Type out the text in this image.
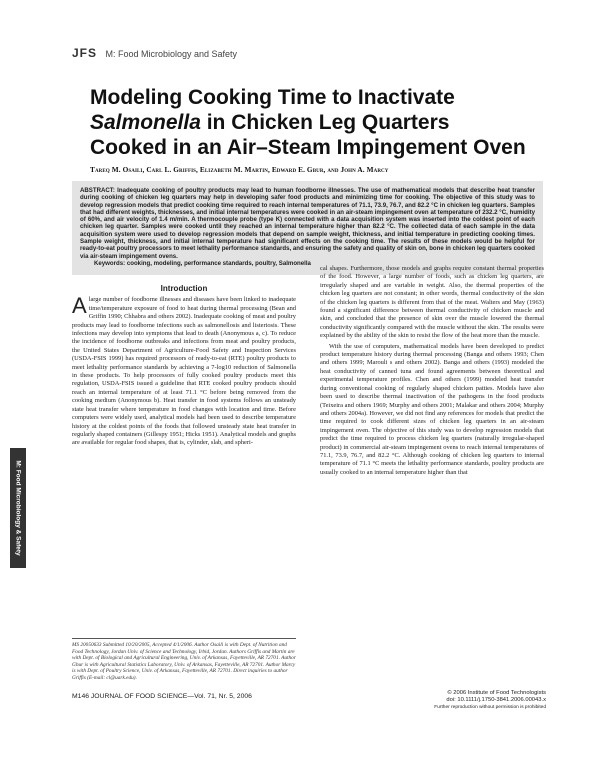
JFS M: Food Microbiology and Safety
Modeling Cooking Time to Inactivate
Salmonella in Chicken Leg Quarters
Cooked in an Air–Steam Impingement Oven
Tareq M. Osaili, Carl L. Griffis, Elizabeth M. Martin, Edward E. Gbur, and John A. Marcy
ABSTRACT: Inadequate cooking of poultry products may lead to human foodborne illnesses. The use of mathematical models that describe heat transfer during cooking of chicken leg quarters may help in developing safer food products and minimizing time for cooking. The objective of this study was to develop regression models that predict cooking time required to reach internal temperatures of 71.1, 73.9, 76.7, and 82.2 °C in chicken leg quarters. Samples that had different weights, thicknesses, and initial internal temperatures were cooked in an air-steam impingement oven at temperature of 232.2 °C, humidity of 60%, and air velocity of 1.4 m/min. A thermocouple probe (type K) connected with a data acquisition system was inserted into the coldest point of each chicken leg quarter. Samples were cooked until they reached an internal temperature higher than 82.2 °C. The collected data of each sample in the data acquisition system were used to develop regression models that depend on sample weight, thickness, and initial temperature in predicting cooking times. Sample weight, thickness, and initial internal temperature had significant effects on the cooking time. The results of these models would be helpful for ready-to-eat poultry processors to meet lethality performance standards, and ensuring the safety and quality of skin on, bone in chicken leg quarters cooked via air-steam impingement ovens.
Keywords: cooking, modeling, performance standards, poultry, Salmonella
Introduction

Alarge number of foodborne illnesses and diseases have been linked to inadequate time/temperature exposure of food to heat during thermal processing (Bean and Griffin 1990; Chhabra and others 2002). Inadequate cooking of meat and poultry products may lead to foodborne infections such as salmonellosis and listeriosis. These infections may develop into symptoms that lead to death (Anonymous a, c). To reduce the incidence of foodborne outbreaks and infections from meat and poultry products, the United States Department of Agriculture-Food Safety and Inspection Services (USDA-FSIS 1999) has required processors of ready-to-eat (RTE) poultry products to meet lethality performance standards by achieving a 7-log10 reduction of Salmonella in these products. To help processors of fully cooked poultry products meet this regulation, USDA-FSIS issued a guideline that RTE cooked poultry products should reach an internal temperature of at least 71.1 °C before being removed from the cooking medium (Anonymous b). Heat transfer in food systems follows an unsteady state heat transfer where temperature in food changes with location and time. Before computers were widely used, analytical models had been used to describe temperature history at the coldest points of the foods that followed unsteady state heat transfer in regularly shaped containers (Gillespy 1951; Hicks 1951). Analytical models and graphs are available for regular food shapes, that is, cylinder, slab, and spheri-

cal shapes. Furthermore, those models and graphs require constant thermal properties of the food. However, a large number of foods, such as chicken leg quarters, are irregularly shaped and are variable in weight. Also, the thermal properties of the chicken leg quarters are not constant; in other words, thermal conductivity of the skin of the chicken leg quarters is different from that of the meat. Walters and May (1963) found a significant difference between thermal conductivity of chicken muscle and skin, and concluded that the presence of skin over the muscle lowered the thermal conductivity significantly compared with the muscle without the skin. The results were explained by the ability of the skin to resist the flow of the heat more than the muscle.

With the use of computers, mathematical models have been developed to predict product temperature history during thermal processing (Banga and others 1993; Chen and others 1999; Marouli s and others 2002). Banga and others (1993) modeled the heat conductivity of canned tuna and found agreements between theoretical and experimental temperature profiles. Chen and others (1999) modeled heat transfer during conventional cooking of regularly shaped chicken patties. Models have also been used to describe thermal inactivation of the pathogens in the food products (Teixeira and others 1969; Murphy and others 2001; Malakar and others 2004; Murphy and others 2004a). However, we did not find any references for models that predict the time required to cook different sizes of chicken leg quarters in an air-steam impingement oven. The objective of this study was to develop regression models that predict the time required to process chicken leg quarters (naturally irregular-shaped product) in commercial air-steam impingement ovens to reach internal temperatures of 71.1, 73.9, 76.7, and 82.2 °C. Although cooking of chicken leg quarters to internal temperature of 71.1 °C meets the lethality performance standards, poultry products are usually cooked to an internal temperature higher than that

MS 20050633 Submitted 10/20/2005, Accepted 4/1/2006. Author Osaili is with Dept. of Nutrition and Food Technology, Jordan Univ. of Science and Technology, Irbid, Jordan. Authors Griffis and Martin are with Dept. of Biological and Agricultural Engineering, Univ. of Arkansas, Fayetteville, AR 72701. Author Gbur is with Agricultural Statistics Laboratory, Univ. of Arkansas, Fayetteville, AR 72701. Author Marcy is with Dept. of Poultry Science, Univ. of Arkansas, Fayetteville, AR 72701. Direct inquiries to author Griffis (E-mail: cl@uark.edu).
M: Food Microbiology & Safety
M146 JOURNAL OF FOOD SCIENCE—Vol. 71, Nr. 5, 2006	© 2006 Institute of Food Technologists
doi: 10.1111/j.1750-3841.2006.00043.x
Further reproduction without permission is prohibited
